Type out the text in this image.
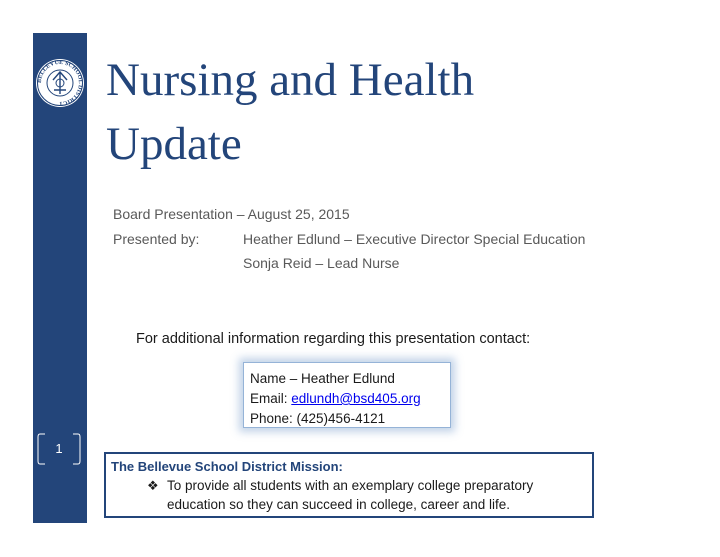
BELLEVUE SCHOOL DISTRICT
1
Nursing and Health
Update
Board Presentation – August 25, 2015
Presented by:	Heather Edlund – Executive Director Special Education
Sonja Reid – Lead Nurse
For additional information regarding this presentation contact:
Name – Heather Edlund
Email: edlundh@bsd405.org
Phone: (425)456-4121
The Bellevue School District Mission:
❖ To provide all students with an exemplary college preparatory
education so they can succeed in college, career and life.
